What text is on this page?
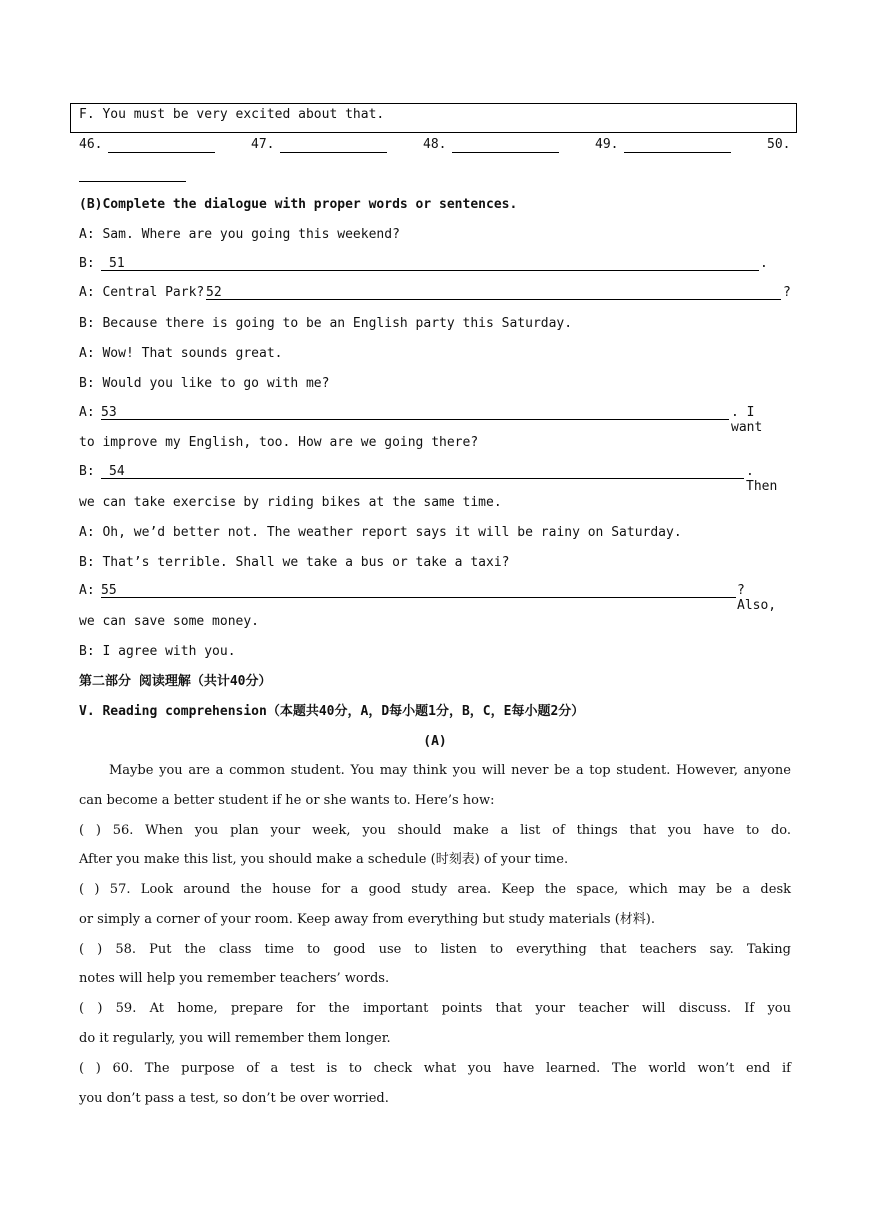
F. You must be very excited about that.
46.	47.	48.	49.	50.
(B)Complete the dialogue with proper words or sentences.
A: Sam. Where are you going this weekend?
B: 51	.
A: Central Park? 52	?
B: Because there is going to be an English party this Saturday.
A: Wow! That sounds great.
B: Would you like to go with me?
A: 53	. I want
to improve my English, too. How are we going there?
B: 54	. Then
we can take exercise by riding bikes at the same time.
A: Oh, we’d better not. The weather report says it will be rainy on Saturday.
B: That’s terrible. Shall we take a bus or take a taxi?
A: 55	? Also,
we can save some money.
B: I agree with you.
第二部分 阅读理解（共计40分）
V. Reading comprehension（本题共40分，A，D每小题1分，B，C，E每小题2分）
(A)
Maybe you are a common student. You may think you will never be a top student. However, anyone
can become a better student if he or she wants to. Here’s how:
( ) 56. When you plan your week, you should make a list of things that you have to do.
After you make this list, you should make a schedule (时刻表) of your time.
( ) 57. Look around the house for a good study area. Keep the space, which may be a desk
or simply a corner of your room. Keep away from everything but study materials (材料).
( ) 58. Put the class time to good use to listen to everything that teachers say. Taking
notes will help you remember teachers’ words.
( ) 59. At home, prepare for the important points that your teacher will discuss. If you
do it regularly, you will remember them longer.
( ) 60. The purpose of a test is to check what you have learned. The world won’t end if
you don’t pass a test, so don’t be over worried.
